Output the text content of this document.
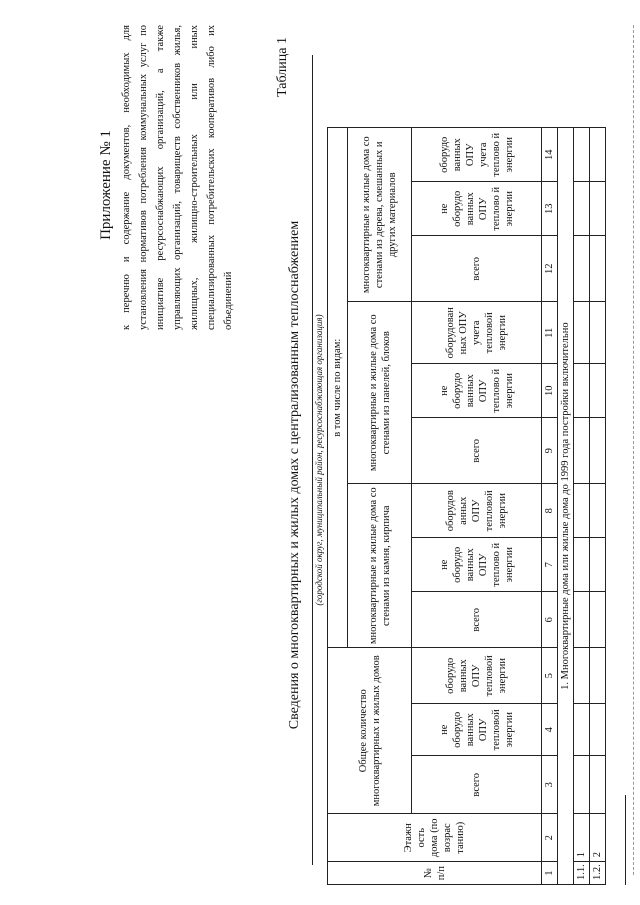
Приложение № 1 к перечню и содержание документов, необходимых для установления нормативов потребления коммунальных услуг по инициативе ресурсоснабжающих организаций, а также управляющих организаций, товариществ собственников жилья, жилищных, жилищно-строительных или иных специализированных потребительских кооперативов либо их объединений
Таблица 1
Сведения о многоквартирных и жилых домах с централизованным теплоснабжением (городской округ, муниципальный район, ресурсоснабжающая организация)
№ п/п	Этажн ость дома (по возрас танию)	Общее количество многоквартирных и жилых домов			в том числе по видам:								
					многоквартирные и жилые дома со стенами из камня, кирпича			многоквартирные и жилые дома со стенами из панелей, блоков			многоквартирные и жилые дома со стенами из дерева, смешанных и других материалов		
		всего	не оборудо ванных ОПУ тепловой энергии	оборудо ванных ОПУ тепловой энергии	всего	не оборудо ванных ОПУ теплово й энергии	оборудов анных ОПУ тепловой энергии	всего	не оборудо ванных ОПУ теплово й энергии	оборудован ных ОПУ учета тепловой энергии	всего	не оборудо ванных ОПУ теплово й энергии	оборудо ванных ОПУ учета теплово й энергии
1	2	3	4	5	6	7	8	9	10	11	12	13	14
1. Многоквартирные дома или жилые дома до 1999 года постройки включительно													
1.1.	1												
1.2.	2												
